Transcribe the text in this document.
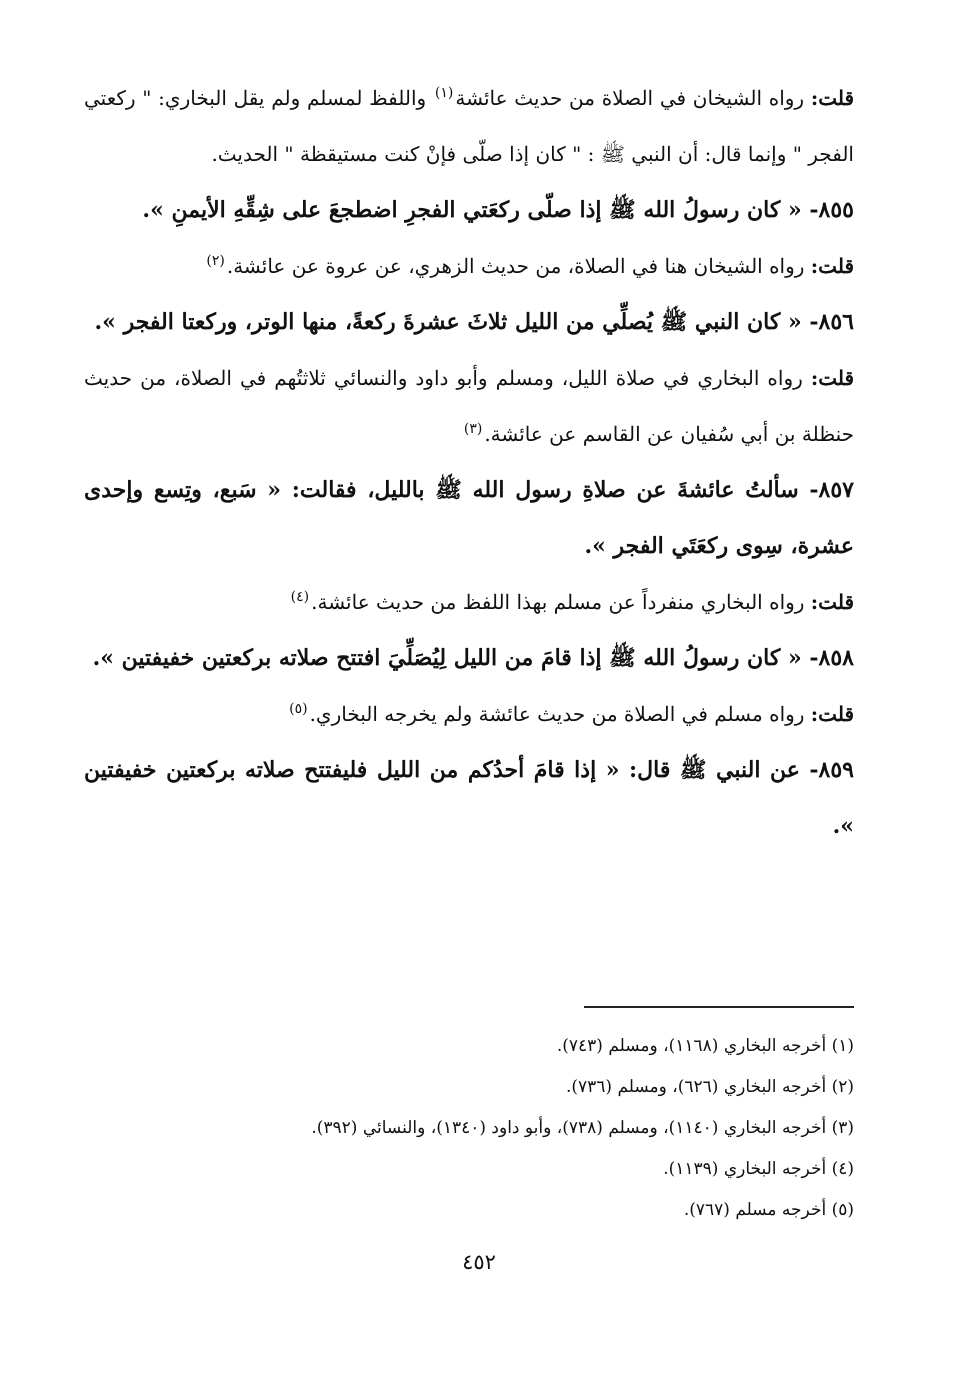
قلت: رواه الشيخان في الصلاة من حديث عائشة$^{(١)}$ واللفظ لمسلم ولم يقل البخاري: " ركعتي الفجر " وإنما قال: أن النبي ﷺ : " كان إذا صلّى فإنْ كنت مستيقظة " الحديث.

٨٥٥- « كان رسولُ الله ﷺ إذا صلّى ركعَتي الفجرِ اضطجعَ على شِقِّهِ الأيمنِ ».

قلت: رواه الشيخان هنا في الصلاة، من حديث الزهري، عن عروة عن عائشة.$^{(٢)}$

٨٥٦- « كان النبي ﷺ يُصلِّي من الليل ثلاثَ عشرةَ ركعةً، منها الوتر، وركعتا الفجر ».

قلت: رواه البخاري في صلاة الليل، ومسلم وأبو داود والنسائي ثلاثتُهم في الصلاة، من حديث حنظلة بن أبي سُفيان عن القاسم عن عائشة.$^{(٣)}$

٨٥٧- سألتُ عائشةَ عن صلاةِ رسول الله ﷺ بالليل، فقالت: « سَبع، وتِسع وإحدى عشرة، سِوى ركعَتَي الفجر ».

قلت: رواه البخاري منفرداً عن مسلم بهذا اللفظ من حديث عائشة.$^{(٤)}$

٨٥٨- « كان رسولُ الله ﷺ إذا قامَ من الليل لِيُصَلِّيَ افتتح صلاته بركعتين خفيفتين ».

قلت: رواه مسلم في الصلاة من حديث عائشة ولم يخرجه البخاري.$^{(٥)}$

٨٥٩- عن النبي ﷺ قال: « إذا قامَ أحدُكم من الليل فليفتتح صلاته بركعتين خفيفتين ».

(١) أخرجه البخاري (١١٦٨)، ومسلم (٧٤٣).
(٢) أخرجه البخاري (٦٢٦)، ومسلم (٧٣٦).
(٣) أخرجه البخاري (١١٤٠)، ومسلم (٧٣٨)، وأبو داود (١٣٤٠)، والنسائي (٣٩٢).
(٤) أخرجه البخاري (١١٣٩).
(٥) أخرجه مسلم (٧٦٧).
٤٥٢
